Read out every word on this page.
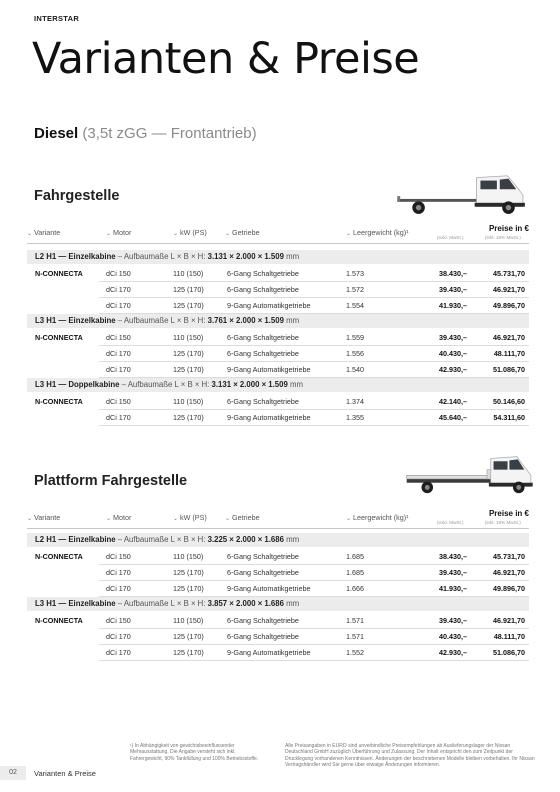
INTERSTAR
Varianten & Preise
Diesel (3,5t zGG — Frontantrieb)
Fahrgestelle
⌄ Variante	⌄ Motor	⌄ kW (PS)	⌄ Getriebe	⌄ Leergewicht (kg)¹	Preise in €
(exkl. MwSt.)	(inkl. 19% MwSt.)
L2 H1 — Einzelkabine – Aufbaumaße L × B × H: 3.131 × 2.000 × 1.509 mm
N-CONNECTA	dCi 150	110 (150)	6-Gang Schaltgetriebe	1.573	38.430,–	45.731,70
dCi 170	125 (170)	6-Gang Schaltgetriebe	1.572	39.430,–	46.921,70
dCi 170	125 (170)	9-Gang Automatikgetriebe	1.554	41.930,–	49.896,70
L3 H1 — Einzelkabine – Aufbaumaße L × B × H: 3.761 × 2.000 × 1.509 mm
N-CONNECTA	dCi 150	110 (150)	6-Gang Schaltgetriebe	1.559	39.430,–	46.921,70
dCi 170	125 (170)	6-Gang Schaltgetriebe	1.556	40.430,–	48.111,70
dCi 170	125 (170)	9-Gang Automatikgetriebe	1.540	42.930,–	51.086,70
L3 H1 — Doppelkabine – Aufbaumaße L × B × H: 3.131 × 2.000 × 1.509 mm
N-CONNECTA	dCi 150	110 (150)	6-Gang Schaltgetriebe	1.374	42.140,–	50.146,60
dCi 170	125 (170)	9-Gang Automatikgetriebe	1.355	45.640,–	54.311,60
Plattform Fahrgestelle
⌄ Variante	⌄ Motor	⌄ kW (PS)	⌄ Getriebe	⌄ Leergewicht (kg)¹	Preise in €
(exkl. MwSt.)	(inkl. 19% MwSt.)
L2 H1 — Einzelkabine – Aufbaumaße L × B × H: 3.225 × 2.000 × 1.686 mm
N-CONNECTA	dCi 150	110 (150)	6-Gang Schaltgetriebe	1.685	38.430,–	45.731,70
dCi 170	125 (170)	6-Gang Schaltgetriebe	1.685	39.430,–	46.921,70
dCi 170	125 (170)	9-Gang Automatikgetriebe	1.666	41.930,–	49.896,70
L3 H1 — Einzelkabine – Aufbaumaße L × B × H: 3.857 × 2.000 × 1.686 mm
N-CONNECTA	dCi 150	110 (150)	6-Gang Schaltgetriebe	1.571	39.430,–	46.921,70
dCi 170	125 (170)	6-Gang Schaltgetriebe	1.571	40.430,–	48.111,70
dCi 170	125 (170)	9-Gang Automatikgetriebe	1.552	42.930,–	51.086,70
¹) In Abhängigkeit von gewichtsbeeinflussender Mehrausstattung. Die Angabe versteht sich inkl. Fahrergewicht, 90% Tankfüllung und 100% Betriebsstoffe.
Alle Preisangaben in EURO sind unverbindliche Preisempfehlungen ab Auslieferungslager der Nissan Deutschland GmbH zuzüglich Überführung und Zulassung. Der Inhalt entspricht den zum Zeitpunkt der Drucklegung vorhandenen Kenntnissen. Änderungen der beschriebenen Modelle bleiben vorbehalten. Ihr Nissan Vertragshändler wird Sie gerne über etwaige Änderungen informieren.
02	Varianten & Preise
